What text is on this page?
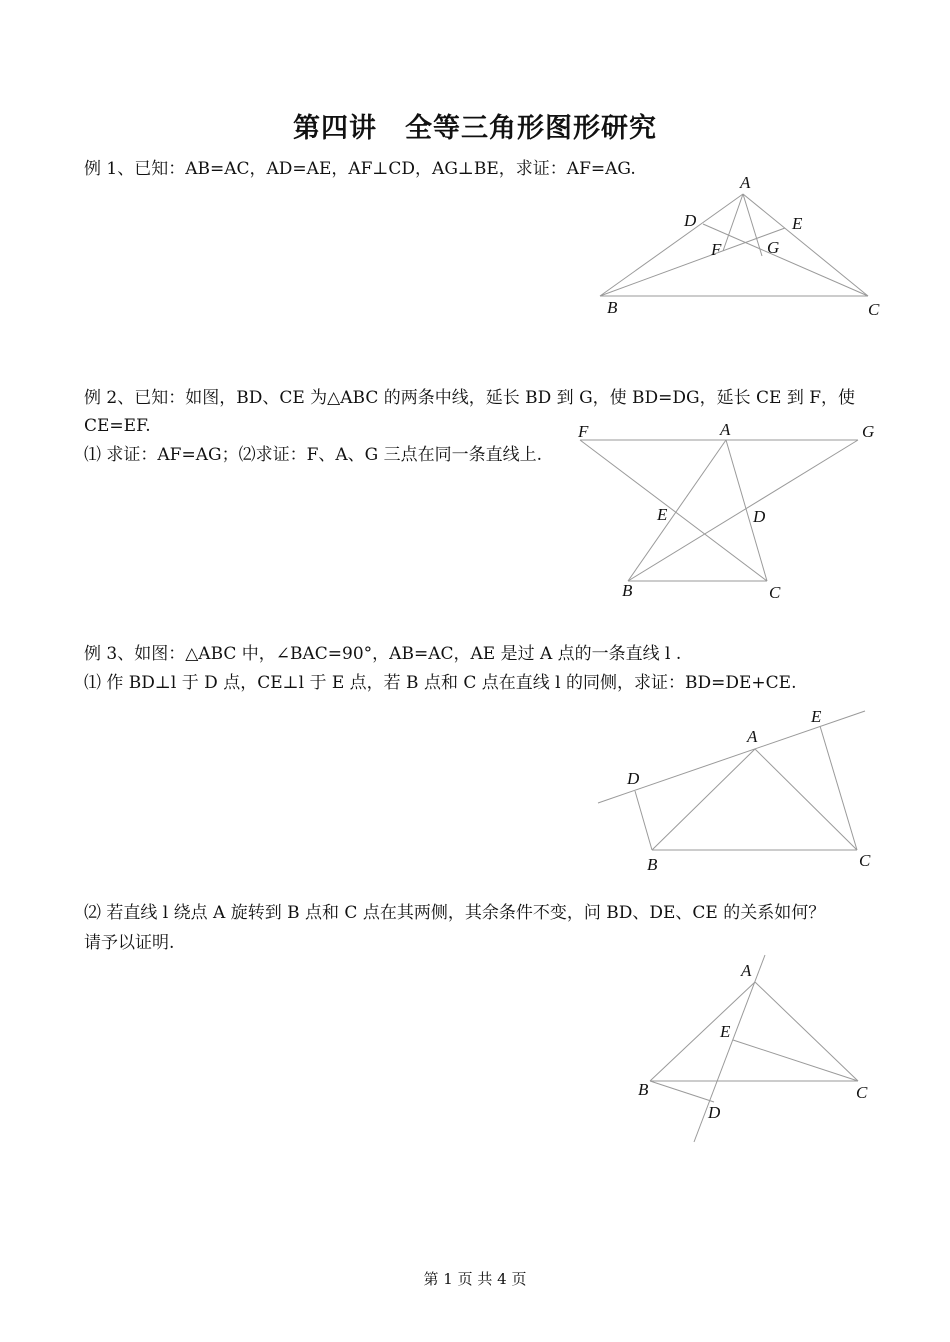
第四讲　全等三角形图形研究
例 1、已知：AB=AC，AD=AE，AF⊥CD，AG⊥BE，求证：AF=AG.
A
D	E
F	G
B	C
例 2、已知：如图，BD、CE 为△ABC 的两条中线，延长 BD 到 G，使 BD=DG，延长 CE 到 F，使
CE=EF.
⑴ 求证：AF=AG；⑵求证：F、A、G 三点在同一条直线上.
F	A	G
E	D
B	C
例 3、如图：△ABC 中，∠BAC=90°，AB=AC，AE 是过 A 点的一条直线 l .
⑴ 作 BD⊥l 于 D 点，CE⊥l 于 E 点，若 B 点和 C 点在直线 l 的同侧，求证：BD=DE+CE.
E
A
D
B	C
⑵ 若直线 l 绕点 A 旋转到 B 点和 C 点在其两侧，其余条件不变，问 BD、DE、CE 的关系如何？
请予以证明.
A
E
B	C
D
第 1 页 共 4 页
